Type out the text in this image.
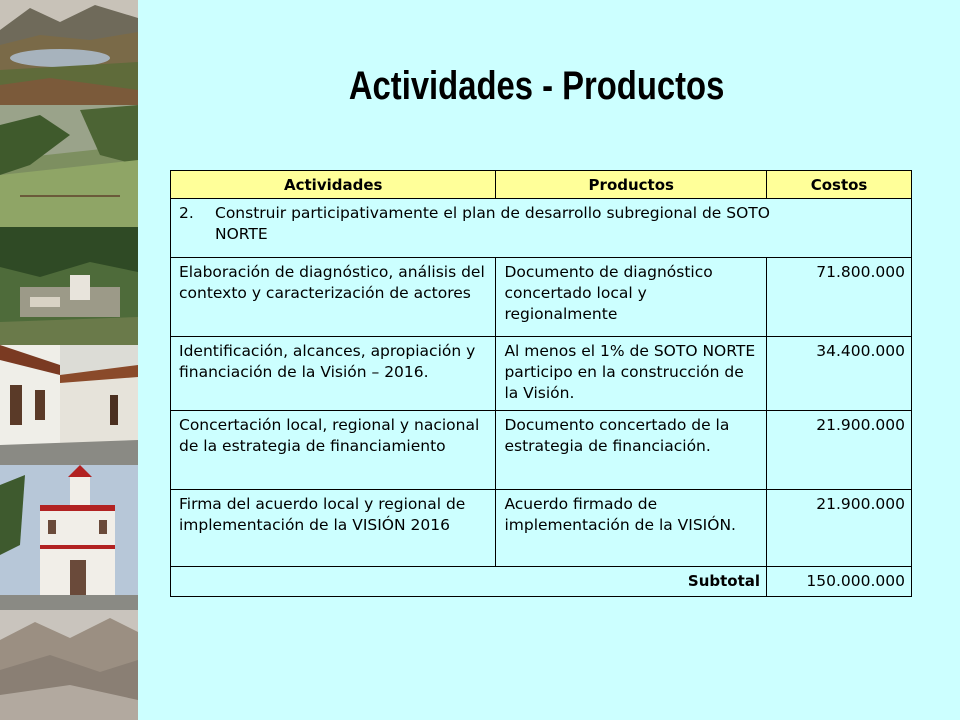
Actividades - Productos
Actividades	Productos	Costos
2. Construir participativamente el plan de desarrollo subregional de SOTO
NORTE		
Elaboración de diagnóstico, análisis del contexto y caracterización de actores	Documento de diagnóstico concertado local y regionalmente	71.800.000
Identificación, alcances, apropiación y financiación de la Visión – 2016.	Al menos el 1% de SOTO NORTE participo en la construcción de la Visión.	34.400.000
Concertación local, regional y nacional de la estrategia de financiamiento	Documento concertado de la estrategia de financiación.	21.900.000
Firma del acuerdo local y regional de implementación de la VISIÓN 2016	Acuerdo firmado de implementación de la VISIÓN.	21.900.000
Subtotal		150.000.000
